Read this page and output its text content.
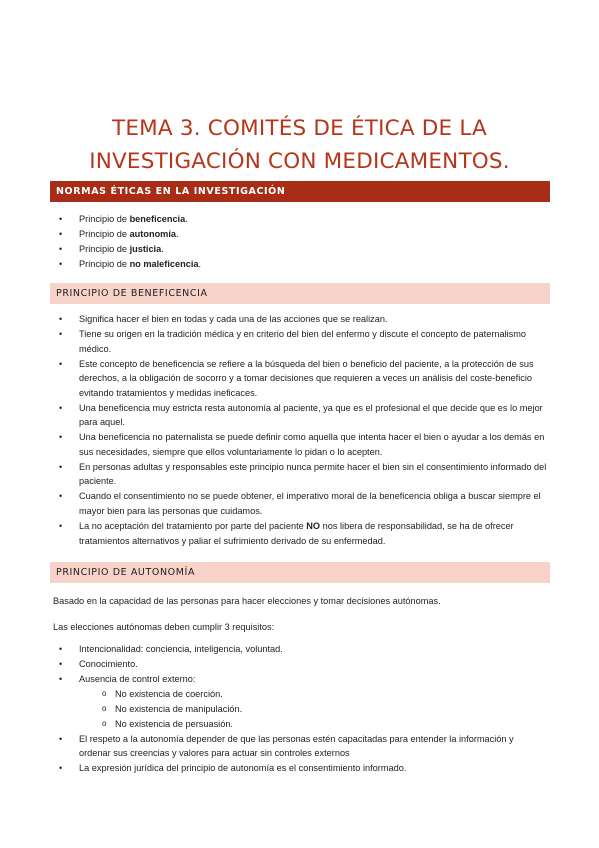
TEMA 3. COMITÉS DE ÉTICA DE LA INVESTIGACIÓN CON MEDICAMENTOS.
NORMAS ÉTICAS EN LA INVESTIGACIÓN
• Principio de beneficencia.
• Principio de autonomía.
• Principio de justicia.
• Principio de no maleficencia.
PRINCIPIO DE BENEFICENCIA
• Significa hacer el bien en todas y cada una de las acciones que se realizan.
• Tiene su origen en la tradición médica y en criterio del bien del enfermo y discute el concepto de paternalismo médico.
• Este concepto de beneficencia se refiere a la búsqueda del bien o beneficio del paciente, a la protección de sus derechos, a la obligación de socorro y a tomar decisiones que requieren a veces un análisis del coste-beneficio evitando tratamientos y medidas ineficaces.
• Una beneficencia muy estricta resta autonomía al paciente, ya que es el profesional el que decide que es lo mejor para aquel.
• Una beneficencia no paternalista se puede definir como aquella que intenta hacer el bien o ayudar a los demás en sus necesidades, siempre que ellos voluntariamente lo pidan o lo acepten.
• En personas adultas y responsables este principio nunca permite hacer el bien sin el consentimiento informado del paciente.
• Cuando el consentimiento no se puede obtener, el imperativo moral de la beneficencia obliga a buscar siempre el mayor bien para las personas que cuidamos.
• La no aceptación del tratamiento por parte del paciente NO nos libera de responsabilidad, se ha de ofrecer tratamientos alternativos y paliar el sufrimiento derivado de su enfermedad.
PRINCIPIO DE AUTONOMÍA
Basado en la capacidad de las personas para hacer elecciones y tomar decisiones autónomas.
Las elecciones autónomas deben cumplir 3 requisitos:
• Intencionalidad: conciencia, inteligencia, voluntad.
• Conocimiento.
• Ausencia de control externo:
o No existencia de coerción.
o No existencia de manipulación.
o No existencia de persuasión.
• El respeto a la autonomía depender de que las personas estén capacitadas para entender la información y ordenar sus creencias y valores para actuar sin controles externos
• La expresión jurídica del principio de autonomía es el consentimiento informado.
